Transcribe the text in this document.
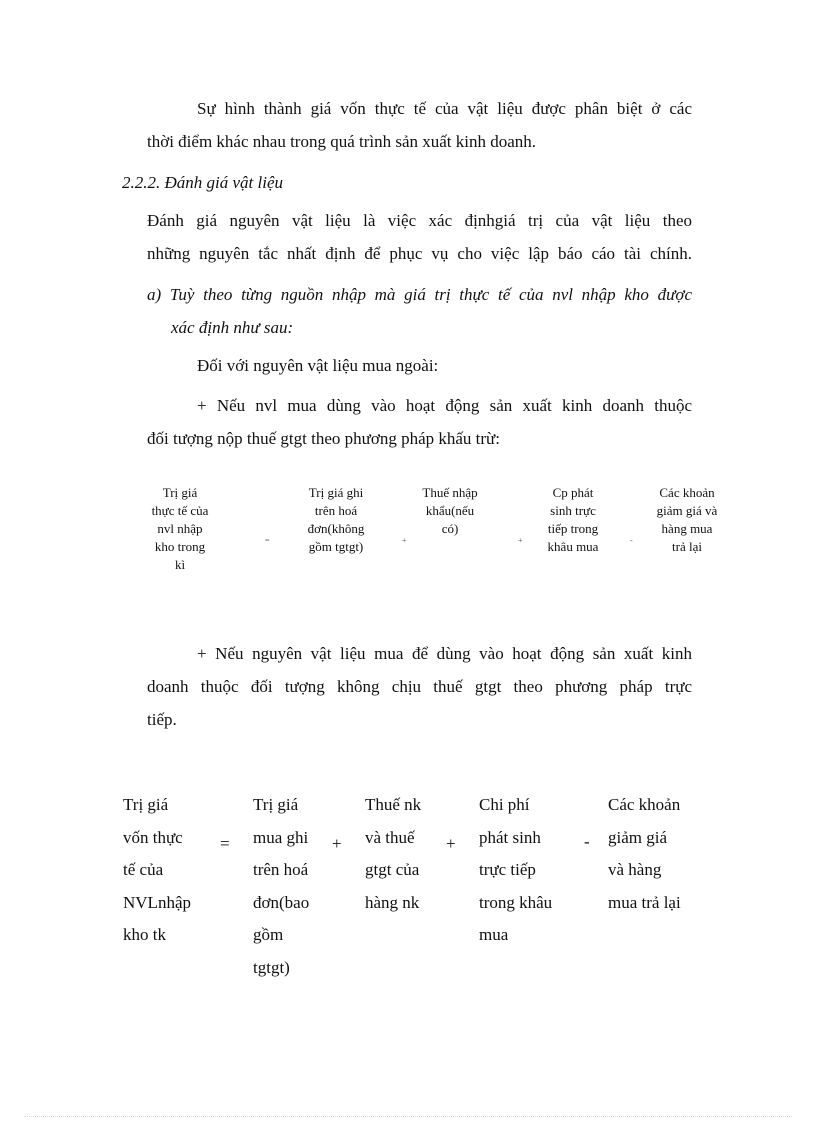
Sự hình thành giá vốn thực tế của vật liệu được phân biệt ở các
thời điểm khác nhau trong quá trình sản xuất kinh doanh.
2.2.2. Đánh giá vật liệu
Đánh giá nguyên vật liệu là việc xác địnhgiá trị của vật liệu theo
những nguyên tắc nhất định để phục vụ cho việc lập báo cáo tài chính.
a) Tuỳ theo từng nguồn nhập mà giá trị thực tế của nvl nhập kho được
xác định như sau:
Đối với nguyên vật liệu mua ngoài:
+ Nếu nvl mua dùng vào hoạt động sản xuất kinh doanh thuộc
đối tượng nộp thuế gtgt theo phương pháp khấu trừ:
Trị giá
thực tế của
nvl nhập
kho trong
kì
=
Trị giá ghi
trên hoá
đơn(không
gồm tgtgt)	+
Thuế nhập
khẩu(nếu
có)
+
Cp phát
sinh trực
tiếp trong
khâu mua	-
Các khoản
giảm giá và
hàng mua
trả lại
+ Nếu nguyên vật liệu mua để dùng vào hoạt động sản xuất kinh
doanh thuộc đối tượng không chịu thuế gtgt theo phương pháp trực
tiếp.
Trị giá
vốn thực
tế của
NVLnhập
kho tk
=
Trị giá
mua ghi
trên hoá
đơn(bao
gồm
tgtgt)
+
Thuế nk
và thuế
gtgt của
hàng nk
+
Chi phí
phát sinh
trực tiếp
trong khâu
mua
-
Các khoản
giảm giá
và hàng
mua trả lại
